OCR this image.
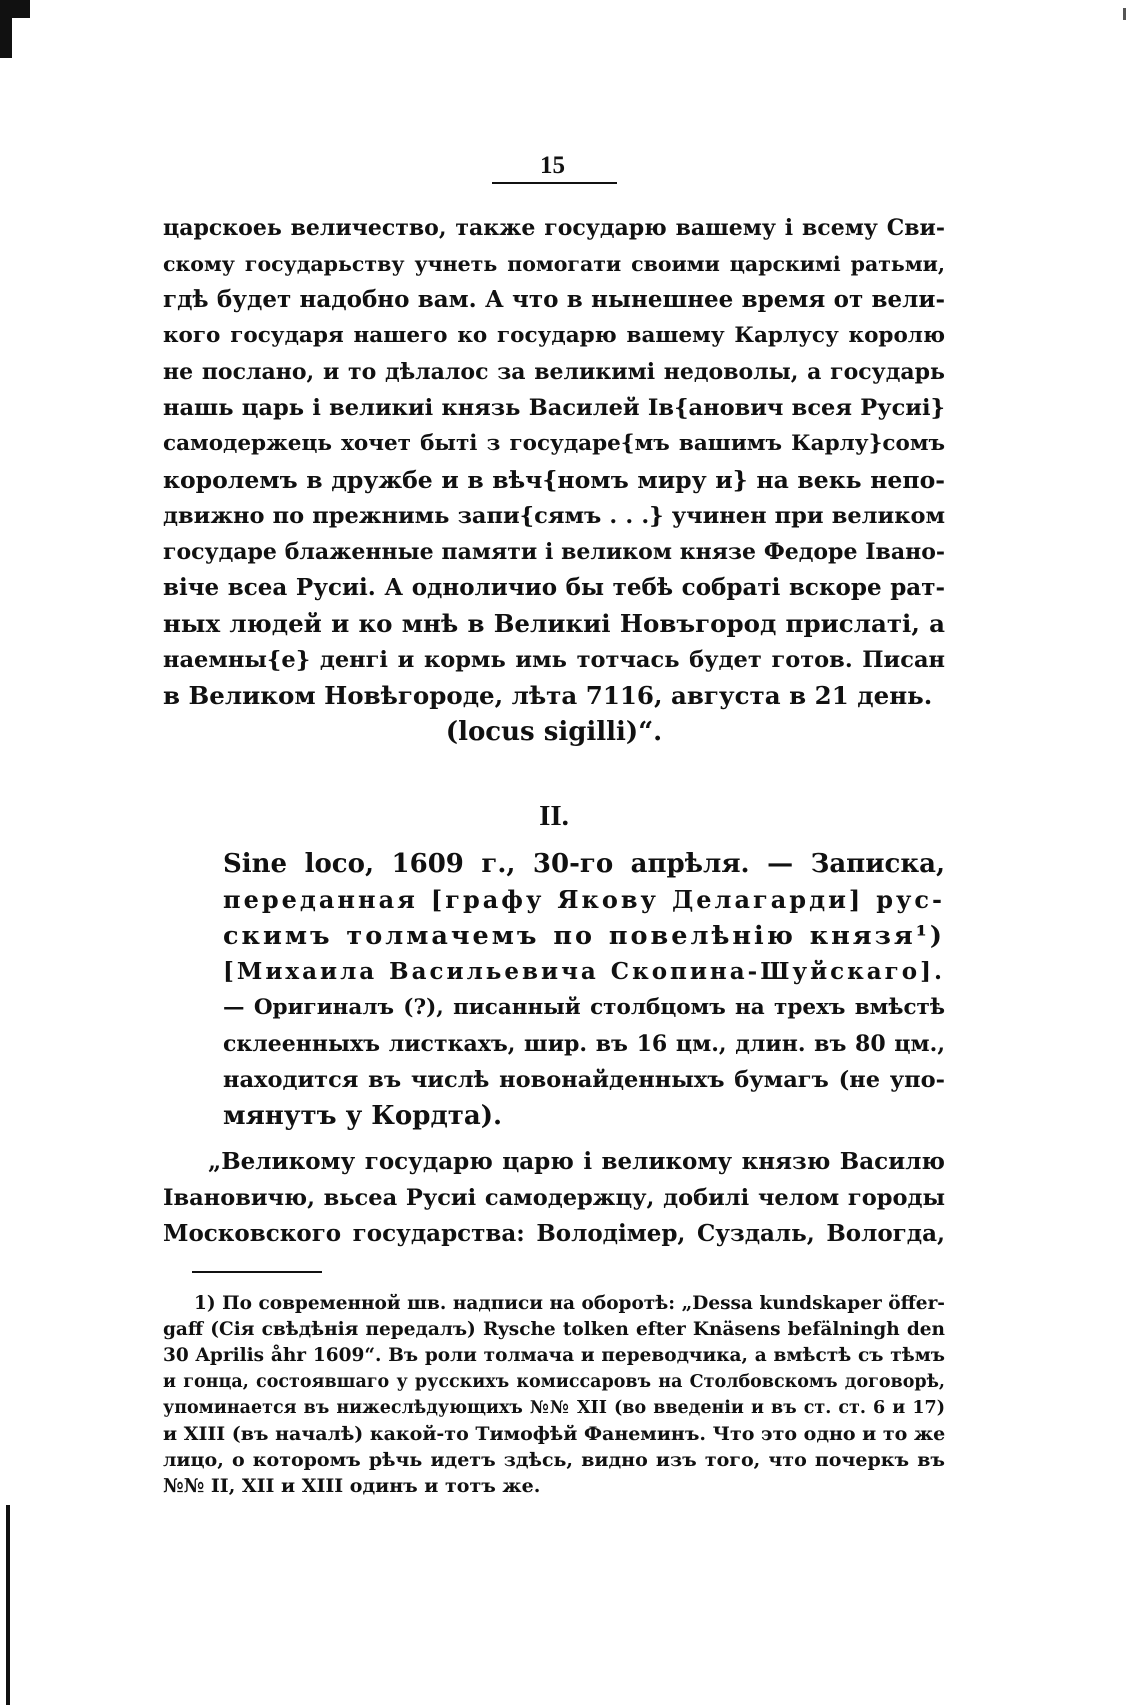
15
царскоеь величество, также государю вашему і всему Сви-
скому государьству учнеть помогати своими царскимі ратьми,
гдѣ будет надобно вам. А что в нынешнее время от вели-
кого государя нашего ко государю вашему Карлусу королю
не послано, и то дѣлалос за великимі недоволы, а государь
нашь царь і великиі князь Василей Ів{анович всея Русиі}
самодержець хочет быті з государе{мъ вашимъ Карлу}сомъ
королемъ в дружбе и в вѣч{номъ миру и} на векь непо-
движно по прежнимь запи{сямъ . . .} учинен при великом
государе блаженные памяти і великом князе Федоре Івано-
віче всеа Русиі. А одноличио бы тебѣ собраті вскоре рат-
ных людей и ко мнѣ в Великиі Новъгород прислаті, а
наемны{е} денгі и кормь имь тотчась будет готов. Писан
в Великом Новѣгороде, лѣта 7116, августа в 21 день.
(locus sigilli)“.
II.
Sine loco, 1609 г., 30-го апрѣля. — Записка,
переданная [графу Якову Делагарди] рус-
скимъ толмачемъ по повелѣнію князя¹)
[Михаила Васильевича Скопина-Шуйскаго].
— Оригиналъ (?), писанный столбцомъ на трехъ вмѣстѣ
склеенныхъ листкахъ, шир. въ 16 цм., длин. въ 80 цм.,
находится въ числѣ новонайденныхъ бумагъ (не упо-
мянутъ у Кордта).
„Великому государю царю і великому князю Василю
Івановичю, вьсеа Русиі самодержцу, добилі челом городы
Московского государства: Володімер, Суздаль, Вологда,
1) По современной шв. надписи на оборотѣ: „Dessa kundskaper öffer-
gaff (Сія свѣдѣнія передалъ) Rysche tolken efter Knäsens befälningh den
30 Aprilis åhr 1609“. Въ роли толмача и переводчика, а вмѣстѣ съ тѣмъ
и гонца, состоявшаго у русскихъ комиссаровъ на Столбовскомъ договорѣ,
упоминается въ нижеслѣдующихъ №№ XII (во введеніи и въ ст. ст. 6 и 17)
и XIII (въ началѣ) какой-то Тимофѣй Фанеминъ. Что это одно и то же
лицо, о которомъ рѣчь идетъ здѣсь, видно изъ того, что почеркъ въ
№№ II, XII и XIII одинъ и тотъ же.
